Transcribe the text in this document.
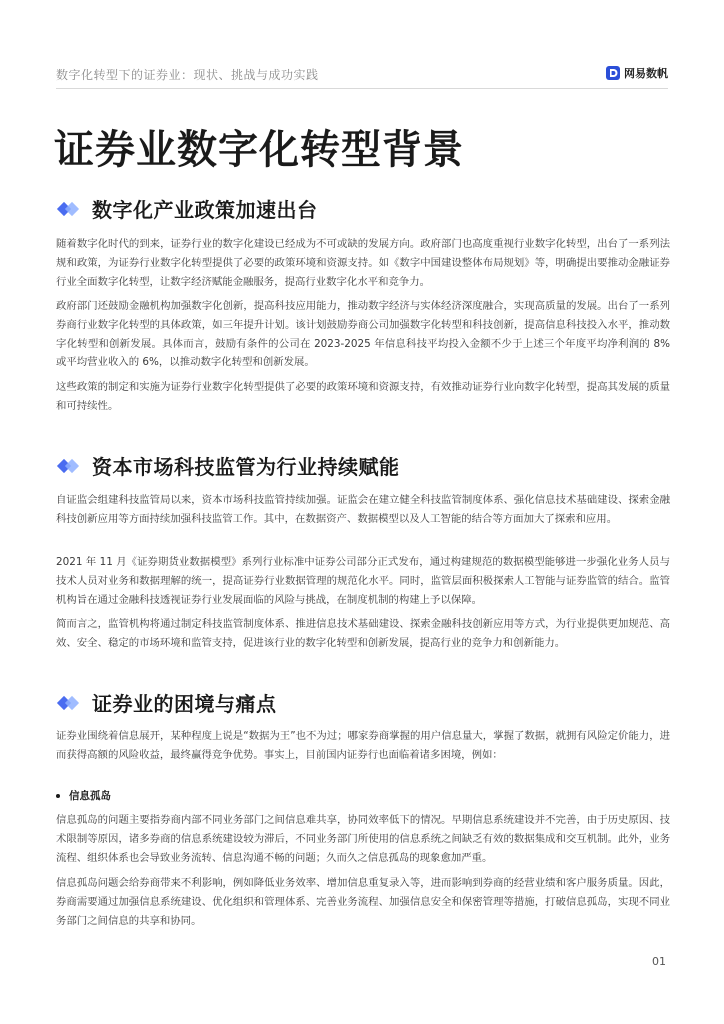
数字化转型下的证券业：现状、挑战与成功实践	网易数帆
证券业数字化转型背景
数字化产业政策加速出台

随着数字化时代的到来，证券行业的数字化建设已经成为不可或缺的发展方向。政府部门也高度重视行业数字化转型，出台了一系列法规和政策，为证券行业数字化转型提供了必要的政策环境和资源支持。如《数字中国建设整体布局规划》等，明确提出要推动金融证券行业全面数字化转型，让数字经济赋能金融服务，提高行业数字化水平和竞争力。

政府部门还鼓励金融机构加强数字化创新，提高科技应用能力，推动数字经济与实体经济深度融合，实现高质量的发展。出台了一系列券商行业数字化转型的具体政策，如三年提升计划。该计划鼓励券商公司加强数字化转型和科技创新，提高信息科技投入水平，推动数字化转型和创新发展。具体而言，鼓励有条件的公司在 2023-2025 年信息科技平均投入金额不少于上述三个年度平均净利润的 8% 或平均营业收入的 6%，以推动数字化转型和创新发展。

这些政策的制定和实施为证券行业数字化转型提供了必要的政策环境和资源支持，有效推动证券行业向数字化转型，提高其发展的质量和可持续性。

资本市场科技监管为行业持续赋能

自证监会组建科技监管局以来，资本市场科技监管持续加强。证监会在建立健全科技监管制度体系、强化信息技术基础建设、探索金融科技创新应用等方面持续加强科技监管工作。其中，在数据资产、数据模型以及人工智能的结合等方面加大了探索和应用。

2021 年 11 月《证券期货业数据模型》系列行业标准中证券公司部分正式发布，通过构建规范的数据模型能够进一步强化业务人员与技术人员对业务和数据理解的统一，提高证券行业数据管理的规范化水平。同时，监管层面积极探索人工智能与证券监管的结合。监管机构旨在通过金融科技透视证券行业发展面临的风险与挑战，在制度机制的构建上予以保障。

简而言之，监管机构将通过制定科技监管制度体系、推进信息技术基础建设、探索金融科技创新应用等方式，为行业提供更加规范、高效、安全、稳定的市场环境和监管支持，促进该行业的数字化转型和创新发展，提高行业的竞争力和创新能力。

证券业的困境与痛点

证券业围绕着信息展开，某种程度上说是“数据为王”也不为过；哪家券商掌握的用户信息量大，掌握了数据，就拥有风险定价能力，进而获得高额的风险收益，最终赢得竞争优势。事实上，目前国内证券行也面临着诸多困境，例如：

信息孤岛

信息孤岛的问题主要指券商内部不同业务部门之间信息难共享，协同效率低下的情况。早期信息系统建设并不完善，由于历史原因、技术限制等原因，诸多券商的信息系统建设较为滞后，不同业务部门所使用的信息系统之间缺乏有效的数据集成和交互机制。此外，业务流程、组织体系也会导致业务流转、信息沟通不畅的问题；久而久之信息孤岛的现象愈加严重。

信息孤岛问题会给券商带来不利影响，例如降低业务效率、增加信息重复录入等，进而影响到券商的经营业绩和客户服务质量。因此，券商需要通过加强信息系统建设、优化组织和管理体系、完善业务流程、加强信息安全和保密管理等措施，打破信息孤岛，实现不同业务部门之间信息的共享和协同。

01
